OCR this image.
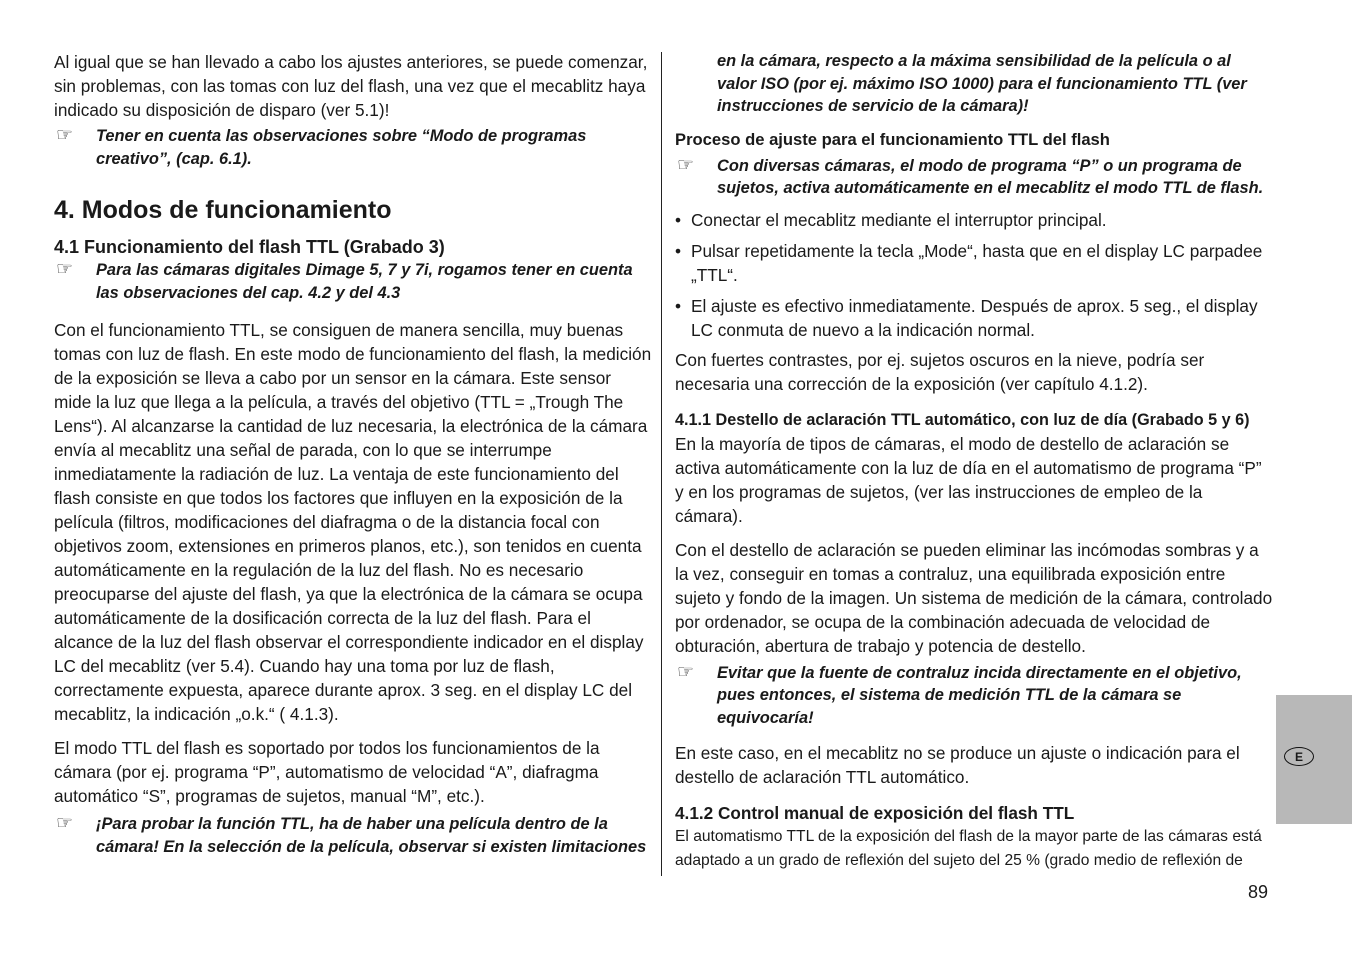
Al igual que se han llevado a cabo los ajustes anteriores, se puede comenzar, sin problemas, con las tomas con luz del flash, una vez que el mecablitz haya indicado su disposición de disparo (ver 5.1)!

☞	Tener en cuenta las observaciones sobre “Modo de programas creativo”, (cap. 6.1).
4. Modos de funcionamiento
4.1 Funcionamiento del flash TTL (Grabado 3)
☞	Para las cámaras digitales Dimage 5, 7 y 7i, rogamos tener en cuenta las observaciones del cap. 4.2 y del 4.3

Con el funcionamiento TTL, se consiguen de manera sencilla, muy buenas tomas con luz de flash. En este modo de funcionamiento del flash, la medición de la exposición se lleva a cabo por un sensor en la cámara. Este sensor mide la luz que llega a la película, a través del objetivo (TTL = „Trough The Lens“). Al alcanzarse la cantidad de luz necesaria, la electrónica de la cámara envía al mecablitz una señal de parada, con lo que se interrumpe inmediatamente la radiación de luz. La ventaja de este funcionamiento del flash consiste en que todos los factores que influyen en la exposición de la película (filtros, modificaciones del diafragma o de la distancia focal con objetivos zoom, extensiones en primeros planos, etc.), son tenidos en cuenta automáticamente en la regulación de la luz del flash. No es necesario preocuparse del ajuste del flash, ya que la electrónica de la cámara se ocupa automáticamente de la dosificación correcta de la luz del flash. Para el alcance de la luz del flash observar el correspondiente indicador en el display LC del mecablitz (ver 5.4). Cuando hay una toma por luz de flash, correctamente expuesta, aparece durante aprox. 3 seg. en el display LC del mecablitz, la indicación „o.k.“ ( 4.1.3).

El modo TTL del flash es soportado por todos los funcionamientos de la cámara (por ej. programa “P”, automatismo de velocidad “A”, diafragma automático “S”, programas de sujetos, manual “M”, etc.).

☞	¡Para probar la función TTL, ha de haber una película dentro de la cámara! En la selección de la película, observar si existen limitaciones
en la cámara, respecto a la máxima sensibilidad de la película o al valor ISO (por ej. máximo ISO 1000) para el funcionamiento TTL (ver instrucciones de servicio de la cámara)!
Proceso de ajuste para el funcionamiento TTL del flash
☞	Con diversas cámaras, el modo de programa “P” o un programa de sujetos, activa automáticamente en el mecablitz el modo TTL de flash.
• Conectar el mecablitz mediante el interruptor principal.
• Pulsar repetidamente la tecla „Mode“, hasta que en el display LC parpadee „TTL“.
• El ajuste es efectivo inmediatamente. Después de aprox. 5 seg., el display LC conmuta de nuevo a la indicación normal.

Con fuertes contrastes, por ej. sujetos oscuros en la nieve, podría ser necesaria una corrección de la exposición (ver capítulo 4.1.2).

4.1.1 Destello de aclaración TTL automático, con luz de día (Grabado 5 y 6)

En la mayoría de tipos de cámaras, el modo de destello de aclaración se activa automáticamente con la luz de día en el automatismo de programa “P” y en los programas de sujetos, (ver las instrucciones de empleo de la cámara).

Con el destello de aclaración se pueden eliminar las incómodas sombras y a la vez, conseguir en tomas a contraluz, una equilibrada exposición entre sujeto y fondo de la imagen. Un sistema de medición de la cámara, controlado por ordenador, se ocupa de la combinación adecuada de velocidad de obturación, abertura de trabajo y potencia de destello.

☞	Evitar que la fuente de contraluz incida directamente en el objetivo, pues entonces, el sistema de medición TTL de la cámara se equivocaría!

En este caso, en el mecablitz no se produce un ajuste o indicación para el destello de aclaración TTL automático.

4.1.2 Control manual de exposición del flash TTL

El automatismo TTL de la exposición del flash de la mayor parte de las cámaras está adaptado a un grado de reflexión del sujeto del 25 % (grado medio de reflexión de

E
89
